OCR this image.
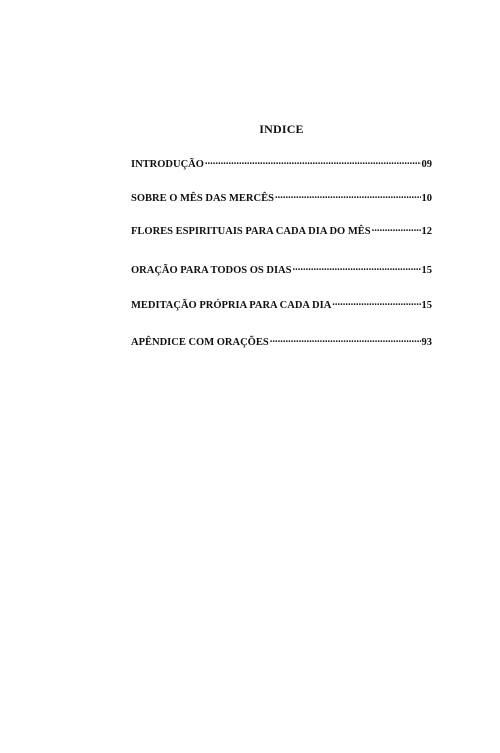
INDICE
INTRODUÇÃO .....	09
SOBRE O MÊS DAS MERCÊS .....	10
FLORES ESPIRITUAIS PARA CADA DIA DO MÊS .....	12
ORAÇÃO PARA TODOS OS DIAS .....	15
MEDITAÇÃO PRÓPRIA PARA CADA DIA .....	15
APÊNDICE COM ORAÇÕES .....	93
